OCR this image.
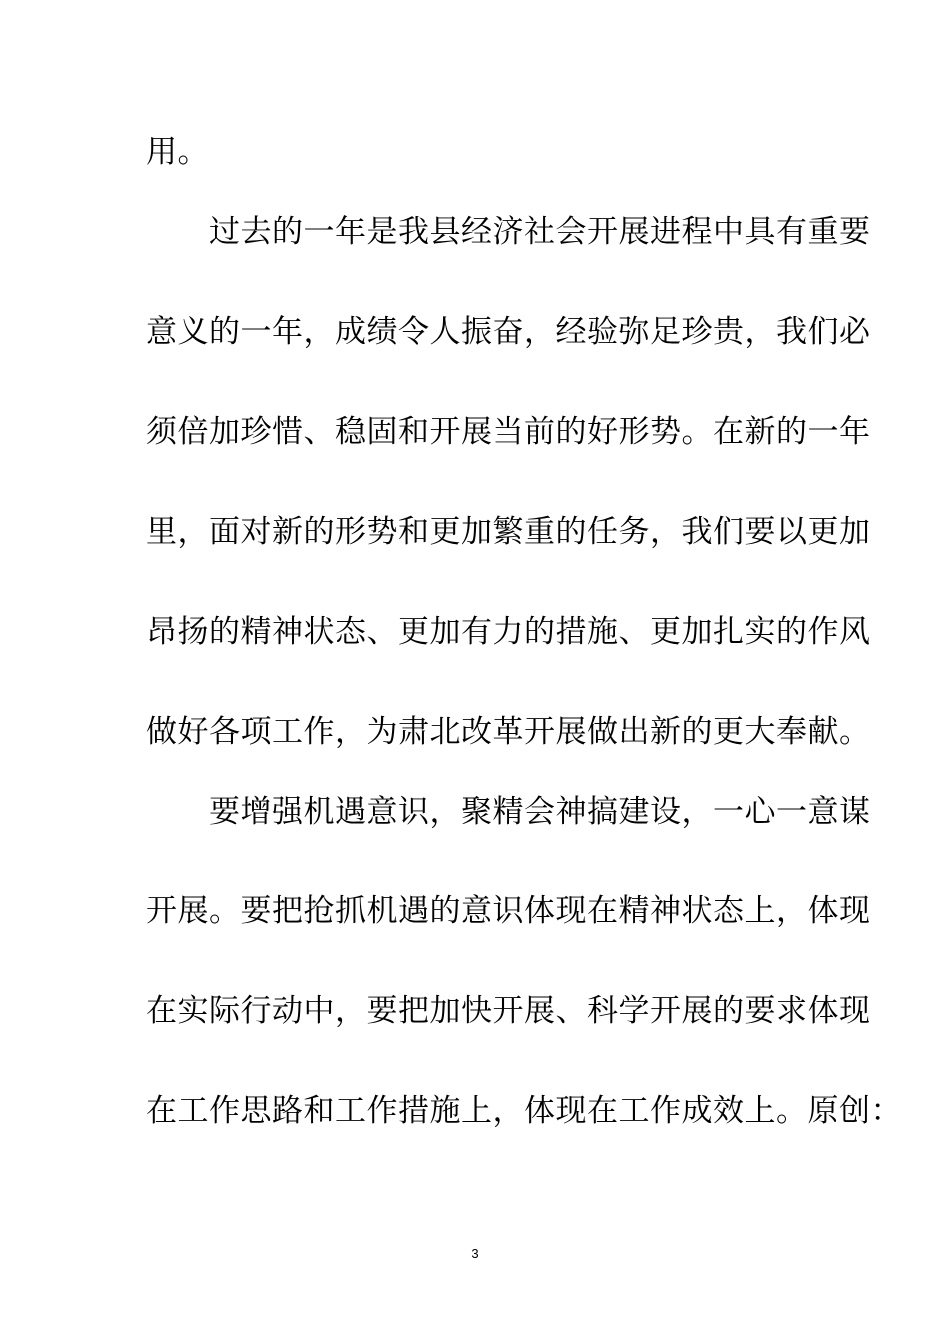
用。

　　过去的一年是我县经济社会开展进程中具有重要

意义的一年，成绩令人振奋，经验弥足珍贵，我们必

须倍加珍惜、稳固和开展当前的好形势。在新的一年

里，面对新的形势和更加繁重的任务，我们要以更加

昂扬的精神状态、更加有力的措施、更加扎实的作风

做好各项工作，为肃北改革开展做出新的更大奉献。

　　要增强机遇意识，聚精会神搞建设，一心一意谋

开展。要把抢抓机遇的意识体现在精神状态上，体现

在实际行动中，要把加快开展、科学开展的要求体现

在工作思路和工作措施上，体现在工作成效上。原创：

3
